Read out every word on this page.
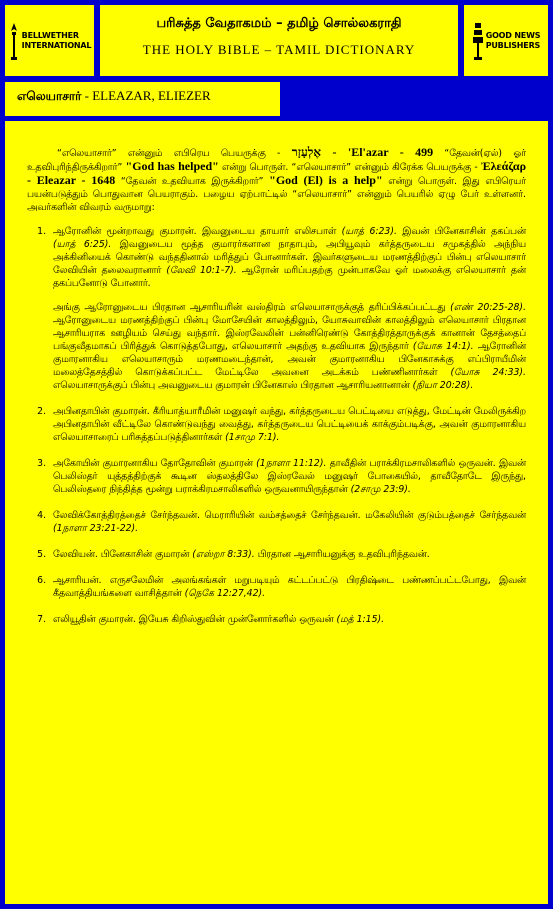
BELLWETHER
INTERNATIONAL
பரிசுத்த வேதாகமம் – தமிழ் சொல்லகராதி
THE HOLY BIBLE – TAMIL DICTIONARY
GOOD NEWS
PUBLISHERS
எலெயாசார் - ELEAZAR, ELIEZER

“எலெயாசார்” என்னும் எபிரெய பெயருக்கு - אֶלְעָזָר - 'El'azar - 499 “தேவன்(ஏல்) ஓர் உதவிபுரிந்திருக்கிறார்” "God has helped" என்று பொருள். “எலெயாசார்” என்னும் கிரேக்க பெயருக்கு - Ἐλεάζαρ - Eleazar - 1648 “தேவன் உதவியாக இருக்கிறார்” "God (El) is a help" என்று பொருள். இது எபிரெயர் பயன்படுத்தும் பொதுவான பெயராகும். பழைய ஏற்பாட்டில் “எலெயாசார்” என்னும் பெயரில் ஏழு பேர் உள்ளனர். அவர்களின் விவரம் வருமாறு:

1. ஆரோனின் மூன்றாவது குமாரன். இவனுடைய தாயார் எலிசபாள் (யாத் 6:23). இவன் பினேகாசின் தகப்பன் (யாத் 6:25). இவனுடைய மூத்த குமாரர்களான நாதாபும், அபியூவும் கர்த்தருடைய சமுகத்தில் அந்நிய அக்கினியைக் கொண்டு வந்ததினால் மரித்துப் போனார்கள். இவர்களுடைய மரணத்திற்குப் பின்பு எலெயாசார் லேவியின் தலைவரானார் (லேவி 10:1-7). ஆரோன் மரிப்பதற்கு முன்பாகவே ஓர் மலைக்கு எலெயாசார் தன் தகப்பனோடு போனார்.

அங்கு ஆரோனுடைய பிரதான ஆசாரியரின் வஸ்திரம் எலெயாசாருக்குத் தரிப்பிக்கப்பட்டது (எண் 20:25-28). ஆரோனுடைய மரணத்திற்குப் பின்பு மோசேயின் காலத்திலும், யோசுவாவின் காலத்திலும் எலெயாசார் பிரதான ஆசாரியராக ஊழியம் செய்து வந்தார். இஸ்ரவேலின் பன்னிரெண்டு கோத்திரத்தாருக்குக் கானான் தேசத்தைப் பங்குவீதமாகப் பிரித்துக் கொடுத்தபோது, எலெயாசார் அதற்கு உதவியாக இருந்தார் (யோசு 14:1). ஆரோனின் குமாரனாகிய எலெயாசாரும் மரணமடைந்தான், அவன் குமாரனாகிய பினேகாசுக்கு எப்பிராயீமின் மலைத்தேசத்தில் கொடுக்கப்பட்ட மேட்டிலே அவனை அடக்கம் பண்ணினார்கள் (யோசு 24:33). எலெயாசாருக்குப் பின்பு அவனுடைய குமாரன் பினேகாஸ் பிரதான ஆசாரியனானான் (நியா 20:28).

2. அபினதாபின் குமாரன். கீரியாத்யாரீமின் மனுஷர் வந்து, கர்த்தருடைய பெட்டியை எடுத்து, மேட்டின் மேலிருக்கிற அபினதாபின் வீட்டிலே கொண்டுவந்து வைத்து, கர்த்தருடைய பெட்டியைக் காக்கும்படிக்கு, அவன் குமாரனாகிய எலெயாசாரைப் பரிசுத்தப்படுத்தினார்கள் (1சாமு 7:1).
3. அகோயின் குமாரனாகிய தோதோவின் குமாரன் (1நாளா 11:12). தாவீதின் பராக்கிரமசாலிகளில் ஒருவன். இவன் பெலிஸ்தர் யுத்தத்திற்குக் கூடின ஸ்தலத்திலே இஸ்ரவேல் மனுஷர் போகையில், தாவீதோடே இருந்து, பெலிஸ்தரை நிந்தித்த மூன்று பராக்கிரமசாலிகளில் ஒருவனாயிருந்தான் (2சாமு 23:9).
4. லேவிக்கோத்திரத்தைச் சேர்ந்தவன். மெராரியின் வம்சத்தைச் சேர்ந்தவன். மகேலியின் குடும்பத்தைச் சேர்ந்தவன் (1நாளா 23:21-22).
5. லேவியன். பினேகாசின் குமாரன் (எஸ்றா 8:33). பிரதான ஆசாரியனுக்கு உதவிபுரிந்தவன்.
6. ஆசாரியன். எருசலேமின் அலங்கங்கள் மறுபடியும் கட்டப்பட்டு பிரதிஷ்டை பண்ணப்பட்டபோது, இவன் கீதவாத்தியங்களை வாசித்தான் (நெகே 12:27,42).
7. எலியூதின் குமாரன். இயேசு கிறிஸ்துவின் முன்னோர்களில் ஒருவன் (மத் 1:15).
